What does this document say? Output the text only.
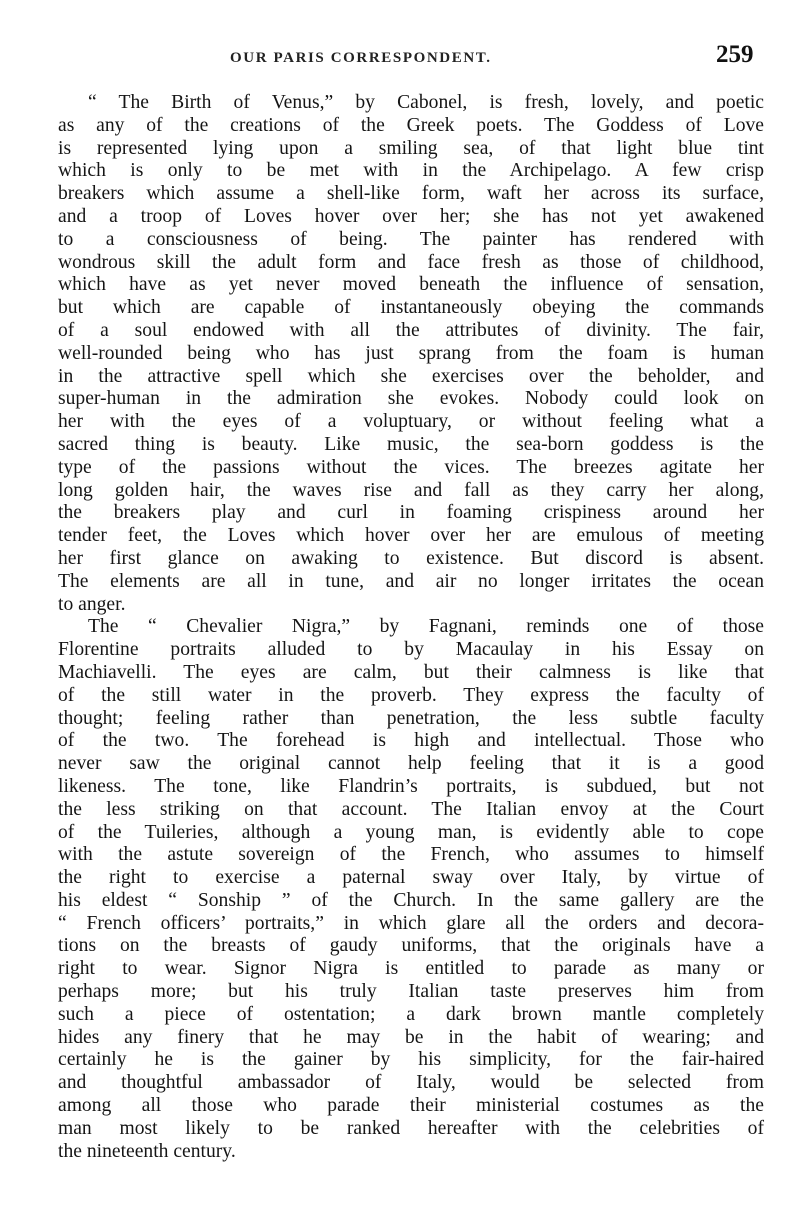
OUR PARIS CORRESPONDENT.	259
“ The Birth of Venus,” by Cabonel, is fresh, lovely, and poetic
as any of the creations of the Greek poets. The Goddess of Love
is represented lying upon a smiling sea, of that light blue tint
which is only to be met with in the Archipelago. A few crisp
breakers which assume a shell-like form, waft her across its surface,
and a troop of Loves hover over her; she has not yet awakened
to a consciousness of being. The painter has rendered with
wondrous skill the adult form and face fresh as those of childhood,
which have as yet never moved beneath the influence of sensation,
but which are capable of instantaneously obeying the commands
of a soul endowed with all the attributes of divinity. The fair,
well-rounded being who has just sprang from the foam is human
in the attractive spell which she exercises over the beholder, and
super-human in the admiration she evokes. Nobody could look on
her with the eyes of a voluptuary, or without feeling what a
sacred thing is beauty. Like music, the sea-born goddess is the
type of the passions without the vices. The breezes agitate her
long golden hair, the waves rise and fall as they carry her along,
the breakers play and curl in foaming crispiness around her
tender feet, the Loves which hover over her are emulous of meeting
her first glance on awaking to existence. But discord is absent.
The elements are all in tune, and air no longer irritates the ocean
to anger.
The “ Chevalier Nigra,” by Fagnani, reminds one of those
Florentine portraits alluded to by Macaulay in his Essay on
Machiavelli. The eyes are calm, but their calmness is like that
of the still water in the proverb. They express the faculty of
thought; feeling rather than penetration, the less subtle faculty
of the two. The forehead is high and intellectual. Those who
never saw the original cannot help feeling that it is a good
likeness. The tone, like Flandrin’s portraits, is subdued, but not
the less striking on that account. The Italian envoy at the Court
of the Tuileries, although a young man, is evidently able to cope
with the astute sovereign of the French, who assumes to himself
the right to exercise a paternal sway over Italy, by virtue of
his eldest “ Sonship ” of the Church. In the same gallery are the
“ French officers’ portraits,” in which glare all the orders and decora-
tions on the breasts of gaudy uniforms, that the originals have a
right to wear. Signor Nigra is entitled to parade as many or
perhaps more; but his truly Italian taste preserves him from
such a piece of ostentation; a dark brown mantle completely
hides any finery that he may be in the habit of wearing; and
certainly he is the gainer by his simplicity, for the fair-haired
and thoughtful ambassador of Italy, would be selected from
among all those who parade their ministerial costumes as the
man most likely to be ranked hereafter with the celebrities of
the nineteenth century.
